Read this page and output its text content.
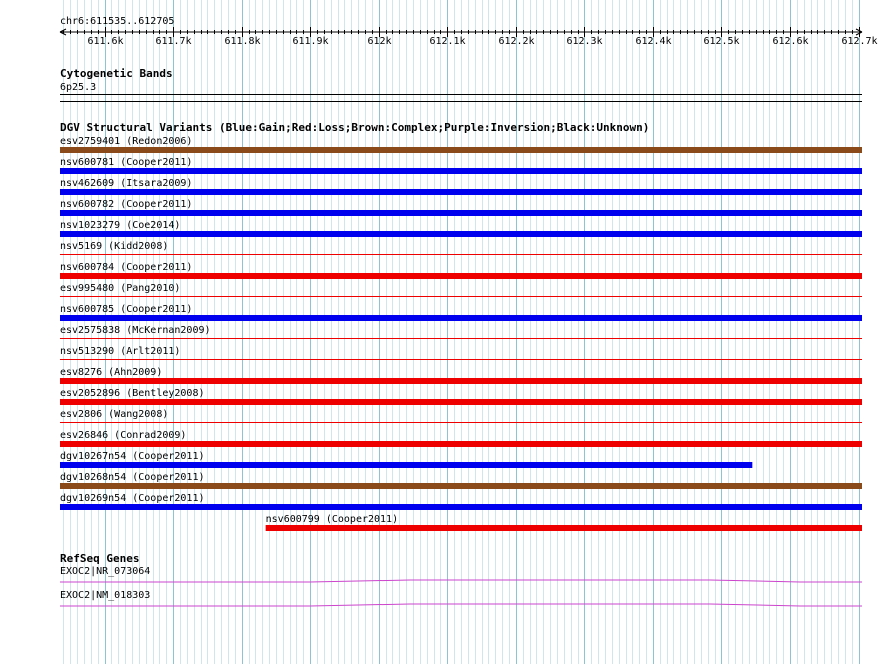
chr6:611535..612705
611.6k	611.7k	611.8k	611.9k	612k	612.1k	612.2k	612.3k	612.4k	612.5k	612.6k	612.7k
Cytogenetic Bands
6p25.3
DGV Structural Variants (Blue:Gain;Red:Loss;Brown:Complex;Purple:Inversion;Black:Unknown)
esv2759401 (Redon2006)
nsv600781 (Cooper2011)
nsv462609 (Itsara2009)
nsv600782 (Cooper2011)
nsv1023279 (Coe2014)
nsv5169 (Kidd2008)
nsv600784 (Cooper2011)
esv995480 (Pang2010)
nsv600785 (Cooper2011)
esv2575838 (McKernan2009)
nsv513290 (Arlt2011)
esv8276 (Ahn2009)
esv2052896 (Bentley2008)
esv2806 (Wang2008)
esv26846 (Conrad2009)
dgv10267n54 (Cooper2011)
dgv10268n54 (Cooper2011)
dgv10269n54 (Cooper2011)
nsv600799 (Cooper2011)
RefSeq Genes
EXOC2|NR_073064
EXOC2|NM_018303
